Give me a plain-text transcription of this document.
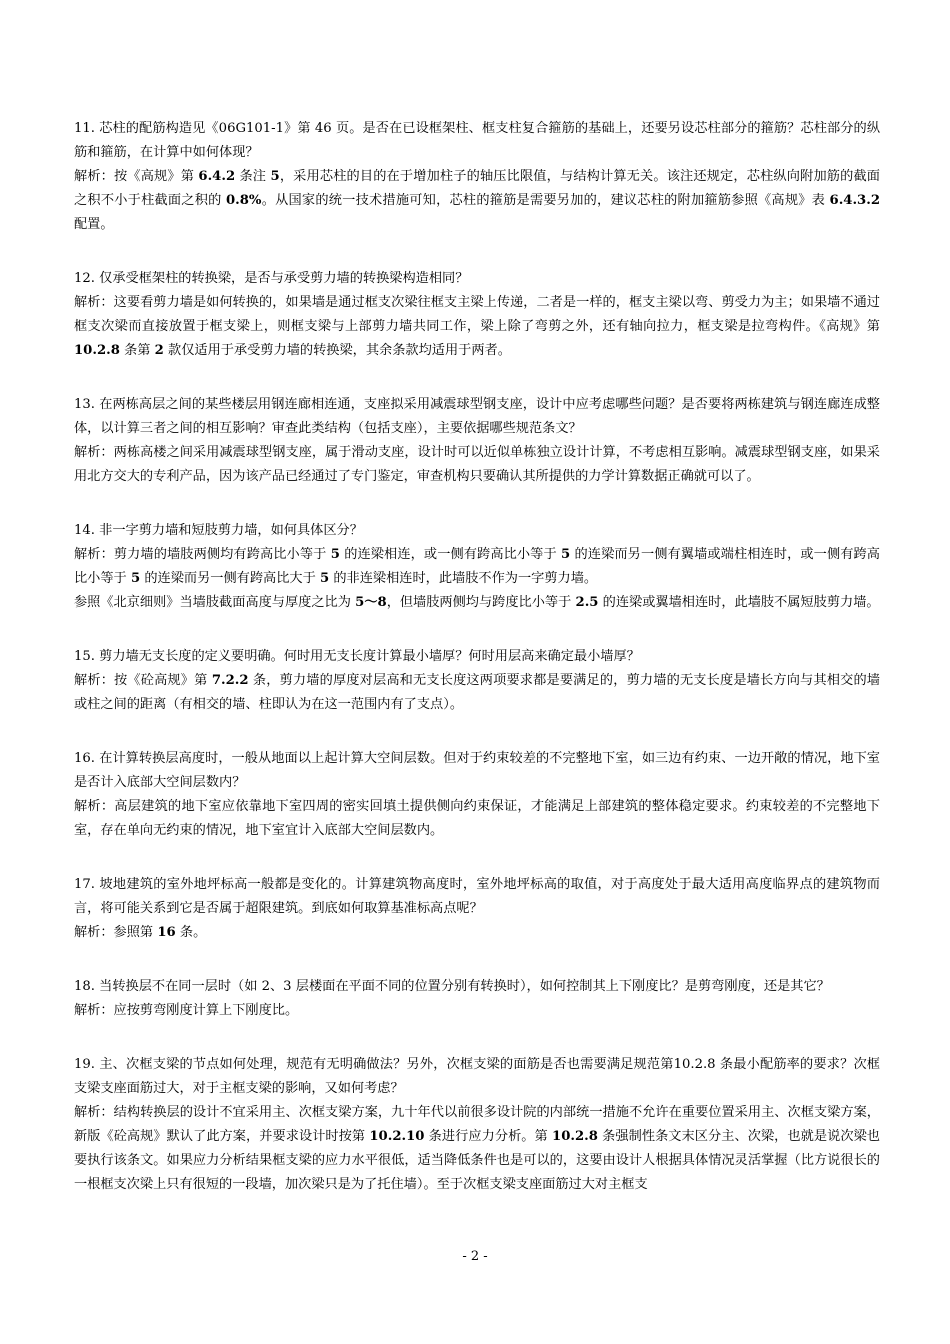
11. 芯柱的配筋构造见《06G101-1》第 46 页。是否在已设框架柱、框支柱复合箍筋的基础上，还要另设芯柱部分的箍筋？芯柱部分的纵筋和箍筋，在计算中如何体现？

解析：按《高规》第 6.4.2 条注 5，采用芯柱的目的在于增加柱子的轴压比限值，与结构计算无关。该注还规定，芯柱纵向附加筋的截面之积不小于柱截面之积的 0.8%。从国家的统一技术措施可知，芯柱的箍筋是需要另加的，建议芯柱的附加箍筋参照《高规》表 6.4.3.2 配置。

12. 仅承受框架柱的转换梁，是否与承受剪力墙的转换梁构造相同？

解析：这要看剪力墙是如何转换的，如果墙是通过框支次梁往框支主梁上传递，二者是一样的，框支主梁以弯、剪受力为主；如果墙不通过框支次梁而直接放置于框支梁上，则框支梁与上部剪力墙共同工作，梁上除了弯剪之外，还有轴向拉力，框支梁是拉弯构件。《高规》第 10.2.8 条第 2 款仅适用于承受剪力墙的转换梁，其余条款均适用于两者。

13. 在两栋高层之间的某些楼层用钢连廊相连通，支座拟采用减震球型钢支座，设计中应考虑哪些问题？是否要将两栋建筑与钢连廊连成整体，以计算三者之间的相互影响？审查此类结构（包括支座），主要依据哪些规范条文？

解析：两栋高楼之间采用减震球型钢支座，属于滑动支座，设计时可以近似单栋独立设计计算，不考虑相互影响。减震球型钢支座，如果采用北方交大的专利产品，因为该产品已经通过了专门鉴定，审查机构只要确认其所提供的力学计算数据正确就可以了。

14. 非一字剪力墙和短肢剪力墙，如何具体区分？

解析：剪力墙的墙肢两侧均有跨高比小等于 5 的连梁相连，或一侧有跨高比小等于 5 的连梁而另一侧有翼墙或端柱相连时，或一侧有跨高比小等于 5 的连梁而另一侧有跨高比大于 5 的非连梁相连时，此墙肢不作为一字剪力墙。

参照《北京细则》当墙肢截面高度与厚度之比为 5～8，但墙肢两侧均与跨度比小等于 2.5 的连梁或翼墙相连时，此墙肢不属短肢剪力墙。

15. 剪力墙无支长度的定义要明确。何时用无支长度计算最小墙厚？何时用层高来确定最小墙厚？

解析：按《砼高规》第 7.2.2 条，剪力墙的厚度对层高和无支长度这两项要求都是要满足的，剪力墙的无支长度是墙长方向与其相交的墙或柱之间的距离（有相交的墙、柱即认为在这一范围内有了支点）。

16. 在计算转换层高度时，一般从地面以上起计算大空间层数。但对于约束较差的不完整地下室，如三边有约束、一边开敞的情况，地下室是否计入底部大空间层数内？

解析：高层建筑的地下室应依靠地下室四周的密实回填土提供侧向约束保证，才能满足上部建筑的整体稳定要求。约束较差的不完整地下室，存在单向无约束的情况，地下室宜计入底部大空间层数内。

17. 坡地建筑的室外地坪标高一般都是变化的。计算建筑物高度时，室外地坪标高的取值，对于高度处于最大适用高度临界点的建筑物而言，将可能关系到它是否属于超限建筑。到底如何取算基准标高点呢？

解析：参照第 16 条。

18. 当转换层不在同一层时（如 2、3 层楼面在平面不同的位置分别有转换时），如何控制其上下刚度比？是剪弯刚度，还是其它？

解析：应按剪弯刚度计算上下刚度比。

19. 主、次框支梁的节点如何处理，规范有无明确做法？另外，次框支梁的面筋是否也需要满足规范第10.2.8 条最小配筋率的要求？次框支梁支座面筋过大，对于主框支梁的影响，又如何考虑？

解析：结构转换层的设计不宜采用主、次框支梁方案，九十年代以前很多设计院的内部统一措施不允许在重要位置采用主、次框支梁方案，新版《砼高规》默认了此方案，并要求设计时按第 10.2.10 条进行应力分析。第 10.2.8 条强制性条文末区分主、次梁，也就是说次梁也要执行该条文。如果应力分析结果框支梁的应力水平很低，适当降低条件也是可以的，这要由设计人根据具体情况灵活掌握（比方说很长的一根框支次梁上只有很短的一段墙，加次梁只是为了托住墙）。至于次框支梁支座面筋过大对主框支

- 2 -
